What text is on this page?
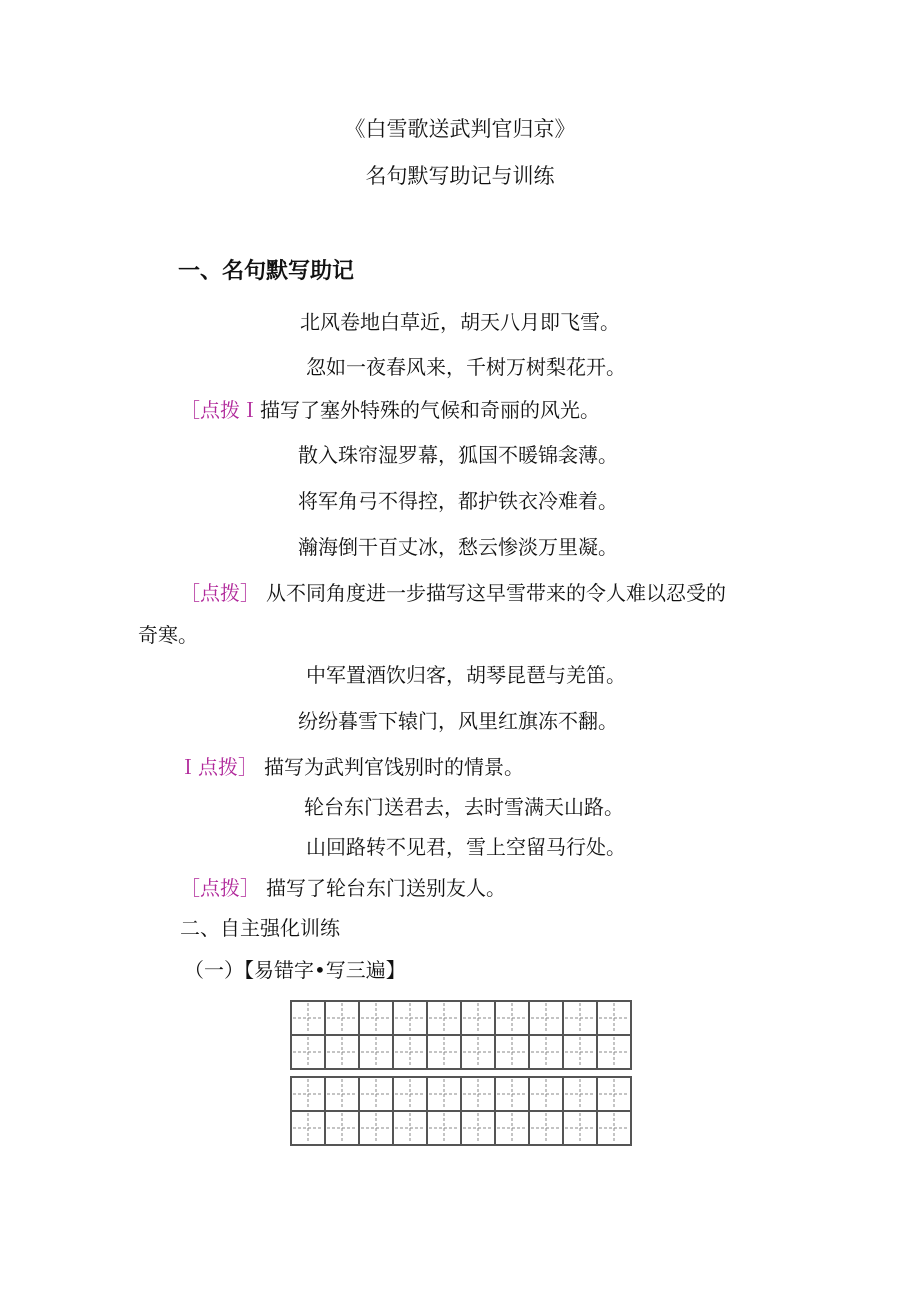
《白雪歌送武判官归京》
名句默写助记与训练
一、名句默写助记
北风卷地白草近，胡天八月即飞雪。
忽如一夜春风来，千树万树梨花开。
［点拨Ｉ描写了塞外特殊的气候和奇丽的风光。
散入珠帘湿罗幕，狐国不暖锦衾薄。
将军角弓不得控，都护铁衣冷难着。
瀚海倒干百丈冰，愁云惨淡万里凝。
［点拨］ 从不同角度进一步描写这早雪带来的令人难以忍受的
奇寒。
中军置酒饮归客，胡琴昆琶与羌笛。
纷纷暮雪下辕门，风里红旗冻不翻。
Ｉ点拨］ 描写为武判官饯别时的情景。
轮台东门送君去，去时雪满天山路。
山回路转不见君，雪上空留马行处。
［点拨］ 描写了轮台东门送别友人。
二、自主强化训练
（一）【易错字•写三遍】
